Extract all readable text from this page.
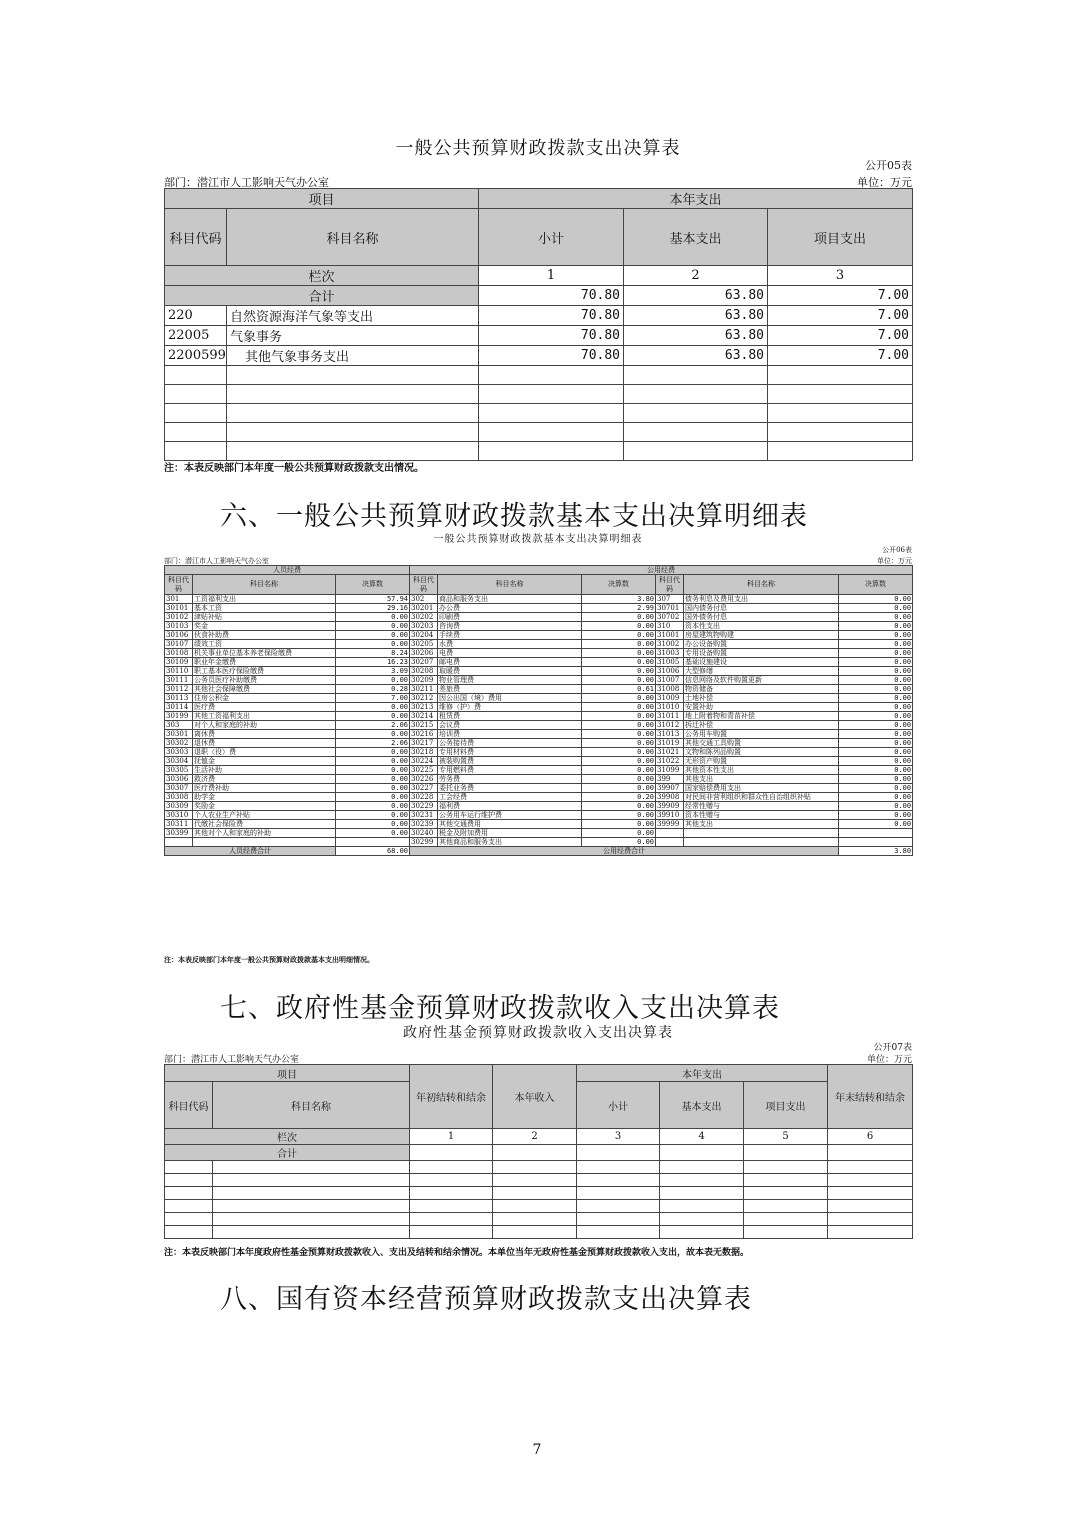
一般公共预算财政拨款支出决算表
公开05表
部门：潜江市人工影响天气办公室	单位：万元
项目		本年支出		
科目代码	科目名称	小计	基本支出	项目支出
栏次		1	2	3
合计		70.80	63.80	7.00
220	自然资源海洋气象等支出	70.80	63.80	7.00
22005	气象事务	70.80	63.80	7.00
2200599	其他气象事务支出	70.80	63.80	7.00

注：本表反映部门本年度一般公共预算财政拨款支出情况。
六、一般公共预算财政拨款基本支出决算明细表
一般公共预算财政拨款基本支出决算明细表
公开06表
部门：潜江市人工影响天气办公室	单位：万元
人员经费			公用经费					
科目代码	科目名称	决算数	科目代码	科目名称	决算数	科目代码	科目名称	决算数
301	工资福利支出	57.94	302	商品和服务支出	3.80	307	债务利息及费用支出	0.00
30101	基本工资	29.16	30201	办公费	2.99	30701	国内债务付息	0.00
30102	津贴补贴	0.00	30202	印刷费	0.00	30702	国外债务付息	0.00
30103	奖金	0.00	30203	咨询费	0.00	310	资本性支出	0.00
30106	伙食补助费	0.00	30204	手续费	0.00	31001	房屋建筑物购建	0.00
30107	绩效工资	0.00	30205	水费	0.00	31002	办公设备购置	0.00
30108	机关事业单位基本养老保险缴费	8.24	30206	电费	0.00	31003	专用设备购置	0.00
30109	职业年金缴费	16.23	30207	邮电费	0.00	31005	基础设施建设	0.00
30110	职工基本医疗保险缴费	3.09	30208	取暖费	0.00	31006	大型修缮	0.00
30111	公务员医疗补助缴费	0.00	30209	物业管理费	0.00	31007	信息网络及软件购置更新	0.00
30112	其他社会保障缴费	0.28	30211	差旅费	0.61	31008	物资储备	0.00
30113	住房公积金	7.00	30212	因公出国（境）费用	0.00	31009	土地补偿	0.00
30114	医疗费	0.00	30213	维修（护）费	0.00	31010	安置补助	0.00
30199	其他工资福利支出	0.00	30214	租赁费	0.00	31011	地上附着物和青苗补偿	0.00
303	对个人和家庭的补助	2.06	30215	会议费	0.00	31012	拆迁补偿	0.00
30301	离休费	0.00	30216	培训费	0.00	31013	公务用车购置	0.00
30302	退休费	2.06	30217	公务接待费	0.00	31019	其他交通工具购置	0.00
30303	退职（役）费	0.00	30218	专用材料费	0.00	31021	文物和陈列品购置	0.00
30304	抚恤金	0.00	30224	被装购置费	0.00	31022	无形资产购置	0.00
30305	生活补助	0.00	30225	专用燃料费	0.00	31099	其他资本性支出	0.00
30306	救济费	0.00	30226	劳务费	0.00	399	其他支出	0.00
30307	医疗费补助	0.00	30227	委托业务费	0.00	39907	国家赔偿费用支出	0.00
30308	助学金	0.00	30228	工会经费	0.20	39908	对民间非营利组织和群众性自治组织补贴	0.00
30309	奖励金	0.00	30229	福利费	0.00	39909	经常性赠与	0.00
30310	个人农业生产补贴	0.00	30231	公务用车运行维护费	0.00	39910	资本性赠与	0.00
30311	代缴社会保险费	0.00	30239	其他交通费用	0.00	39999	其他支出	0.00
30399	其他对个人和家庭的补助	0.00	30240	税金及附加费用	0.00			
			30299	其他商品和服务支出	0.00			
人员经费合计		68.00	公用经费合计					3.80
注：本表反映部门本年度一般公共预算财政拨款基本支出明细情况。
七、政府性基金预算财政拨款收入支出决算表
政府性基金预算财政拨款收入支出决算表
公开07表
部门：潜江市人工影响天气办公室	单位：万元
项目		年初结转和结余	本年收入	本年支出			年末结转和结余
科目代码	科目名称			小计	基本支出	项目支出	
栏次		1	2	3	4	5	6
合计							

注：本表反映部门本年度政府性基金预算财政拨款收入、支出及结转和结余情况。本单位当年无政府性基金预算财政拨款收入支出，故本表无数据。
八、国有资本经营预算财政拨款支出决算表
7
